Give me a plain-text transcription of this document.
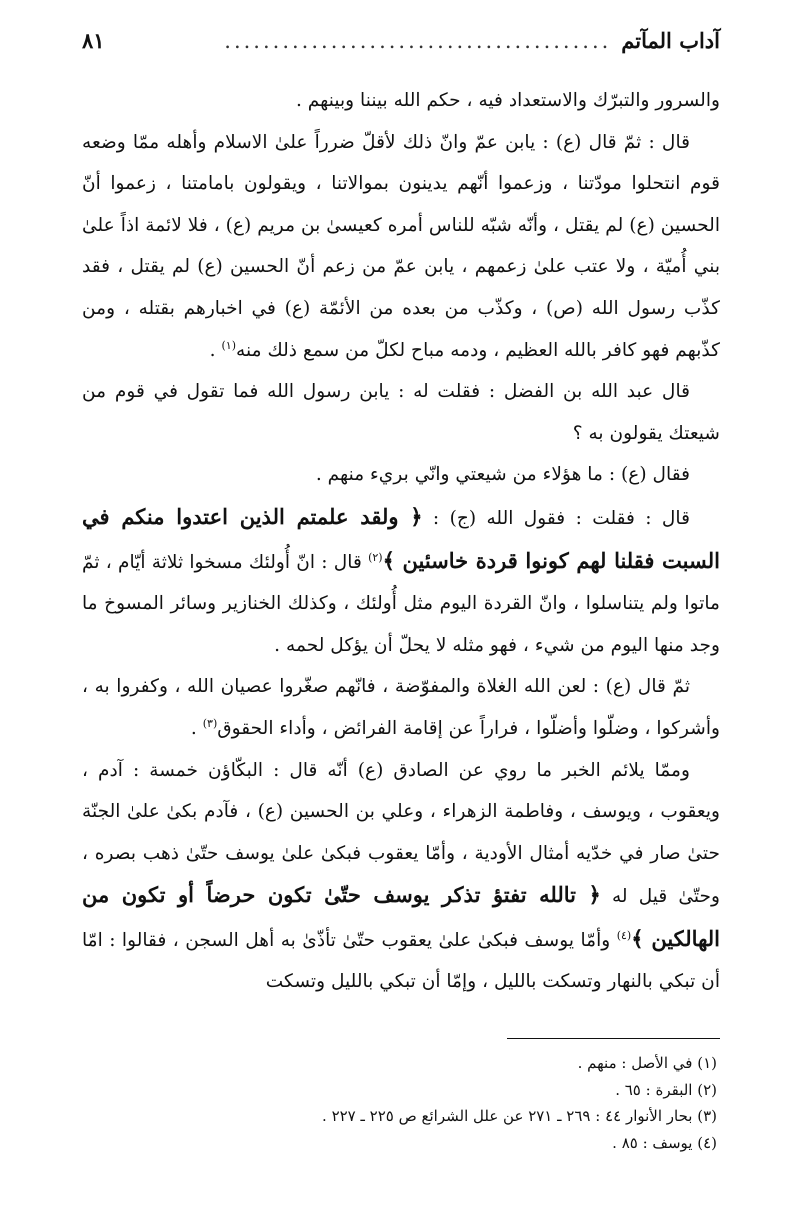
آداب المآتم
........................................
٨١

والسرور والتبرّك والاستعداد فيه ، حكم الله بيننا وبينهم .

قال : ثمّ قال (ع) : يابن عمّ وانّ ذلك لأقلّ ضرراً علىٰ الاسلام وأهله ممّا وضعه قوم انتحلوا مودّتنا ، وزعموا أنّهم يدينون بموالاتنا ، ويقولون بامامتنا ، زعموا أنّ الحسين (ع) لم يقتل ، وأنّه شبّه للناس أمره كعيسىٰ بن مريم (ع) ، فلا لائمة اذاً علىٰ بني أُميّة ، ولا عتب علىٰ زعمهم ، يابن عمّ من زعم أنّ الحسين (ع) لم يقتل ، فقد كذّب رسول الله (ص) ، وكذّب من بعده من الأئمّة (ع) في اخبارهم بقتله ، ومن كذّبهم فهو كافر بالله العظيم ، ودمه مباح لكلّ من سمع ذلك منه$^{(١)}$ .

قال عبد الله بن الفضل : فقلت له : يابن رسول الله فما تقول في قوم من شيعتك يقولون به ؟

فقال (ع) : ما هؤلاء من شيعتي وانّي بريء منهم .

قال : فقلت : فقول الله (ج) : ﴿ ولقد علمتم الذين اعتدوا منكم في السبت فقلنا لهم كونوا قردة خاسئين ﴾$^{(٢)}$ قال : انّ أُولئك مسخوا ثلاثة أيّام ، ثمّ ماتوا ولم يتناسلوا ، وانّ القردة اليوم مثل أُولئك ، وكذلك الخنازير وسائر المسوخ ما وجد منها اليوم من شيء ، فهو مثله لا يحلّ أن يؤكل لحمه .

ثمّ قال (ع) : لعن الله الغلاة والمفوّضة ، فانّهم صغّروا عصيان الله ، وكفروا به ، وأشركوا ، وضلّوا وأضلّوا ، فراراً عن إقامة الفرائض ، وأداء الحقوق$^{(٣)}$ .

وممّا يلائم الخبر ما روي عن الصادق (ع) أنّه قال : البكّاؤن خمسة : آدم ، ويعقوب ، ويوسف ، وفاطمة الزهراء ، وعلي بن الحسين (ع) ، فآدم بكىٰ علىٰ الجنّة حتىٰ صار في خدّيه أمثال الأودية ، وأمّا يعقوب فبكىٰ علىٰ يوسف حتّىٰ ذهب بصره ، وحتّىٰ قيل له ﴿ تالله تفتؤ تذكر يوسف حتّىٰ تكون حرضاً أو تكون من الهالكين ﴾$^{(٤)}$ وأمّا يوسف فبكىٰ علىٰ يعقوب حتّىٰ تأذّىٰ به أهل السجن ، فقالوا : امّا أن تبكي بالنهار وتسكت بالليل ، وإمّا أن تبكي بالليل وتسكت

(١) في الأصل : منهم .
(٢) البقرة : ٦٥ .
(٣) بحار الأنوار ٤٤ : ٢٦٩ ـ ٢٧١ عن علل الشرائع ص ٢٢٥ ـ ٢٢٧ .
(٤) يوسف : ٨٥ .
